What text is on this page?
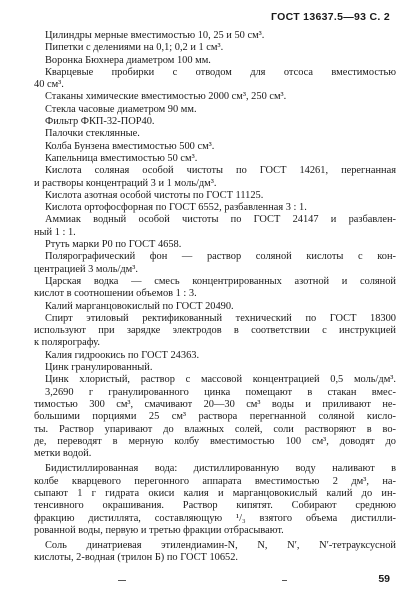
ГОСТ 13637.5—93 С. 2
Цилиндры мерные вместимостью 10, 25 и 50 см³.
Пипетки с делениями на 0,1; 0,2 и 1 см³.
Воронка Бюхнера диаметром 100 мм.
Кварцевые пробирки с отводом для отсоса вместимостью
40 см³.
Стаканы химические вместимостью 2000 см³, 250 см³.
Стекла часовые диаметром 90 мм.
Фильтр ФКП-32-ПОР40.
Палочки стеклянные.
Колба Бунзена вместимостью 500 см³.
Капельница вместимостью 50 см³.
Кислота соляная особой чистоты по ГОСТ 14261, перегнанная
и растворы концентраций 3 и 1 моль/дм³.
Кислота азотная особой чистоты по ГОСТ 11125.
Кислота ортофосфорная по ГОСТ 6552, разбавленная 3 : 1.
Аммиак водный особой чистоты по ГОСТ 24147 и разбавлен-
ный 1 : 1.
Ртуть марки Р0 по ГОСТ 4658.
Полярографический фон — раствор соляной кислоты с кон-
центрацией 3 моль/дм³.
Царская водка — смесь концентрированных азотной и соляной
кислот в соотношении объемов 1 : 3.
Калий марганцовокислый по ГОСТ 20490.
Спирт этиловый ректификованный технический по ГОСТ 18300
используют при зарядке электродов в соответствии с инструкцией
к полярографу.
Калия гидроокись по ГОСТ 24363.
Цинк гранулированный.
Цинк хлористый, раствор с массовой концентрацией 0,5 моль/дм³.
3,2690 г гранулированного цинка помещают в стакан вмес-
тимостью 300 см³, смачивают 20—30 см³ воды и приливают не-
большими порциями 25 см³ раствора перегнанной соляной кисло-
ты. Раствор упаривают до влажных солей, соли растворяют в во-
де, переводят в мерную колбу вместимостью 100 см³, доводят до
метки водой.
Бидистиллированная вода: дистиллированную воду наливают в
колбе кварцевого перегонного аппарата вместимостью 2 дм³, на-
сыпают 1 г гидрата окиси калия и марганцовокислый калий до ин-
тенсивного окрашивания. Раствор кипятят. Собирают среднюю
фракцию дистиллята, составляющую ¹/₃ взятого объема дистилли-
рованной воды, первую и третью фракции отбрасывают.
Соль динатриевая этилендиамин-N, N, N′, N′-тетрауксусной
кислоты, 2-водная (трилон Б) по ГОСТ 10652.
59
